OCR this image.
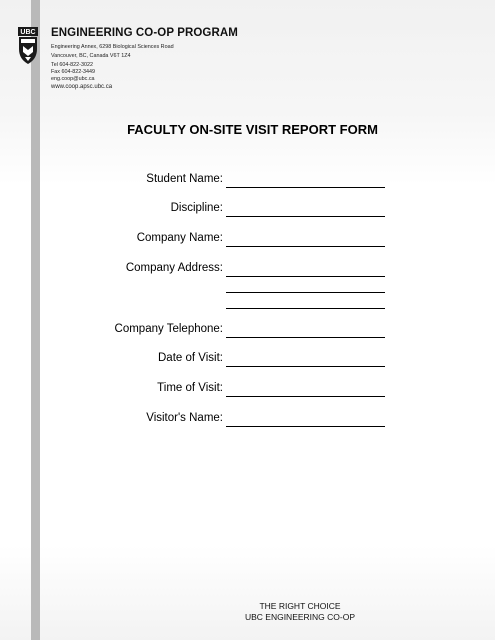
UBC ENGINEERING CO-OP PROGRAM
Engineering Annex, 6298 Biological Sciences Road
Vancouver, BC, Canada V6T 1Z4
Tel 604-822-3022
Fax 604-822-3449
eng.coop@ubc.ca
www.coop.apsc.ubc.ca
FACULTY ON-SITE VISIT REPORT FORM
Student Name:
Discipline:
Company Name:
Company Address:
Company Telephone:
Date of Visit:
Time of Visit:
Visitor's Name:
THE RIGHT CHOICE
UBC ENGINEERING CO-OP
